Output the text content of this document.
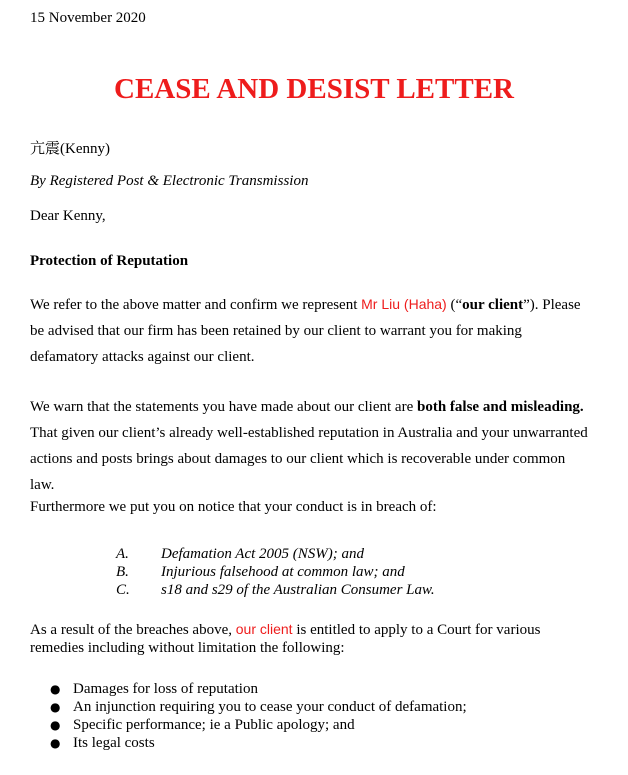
15 November 2020
CEASE AND DESIST LETTER
亢震(Kenny)
By Registered Post & Electronic Transmission
Dear Kenny,
Protection of Reputation
We refer to the above matter and confirm we represent Mr Liu (Haha) (“our client”). Please be advised that our firm has been retained by our client to warrant you for making defamatory attacks against our client.
We warn that the statements you have made about our client are both false and misleading. That given our client’s already well-established reputation in Australia and your unwarranted actions and posts brings about damages to our client which is recoverable under common law.
Furthermore we put you on notice that your conduct is in breach of:
A.	Defamation Act 2005 (NSW); and
B.	Injurious falsehood at common law; and
C.	s18 and s29 of the Australian Consumer Law.
As a result of the breaches above, our client is entitled to apply to a Court for various remedies including without limitation the following:
● Damages for loss of reputation
● An injunction requiring you to cease your conduct of defamation;
● Specific performance; ie a Public apology; and
● Its legal costs
